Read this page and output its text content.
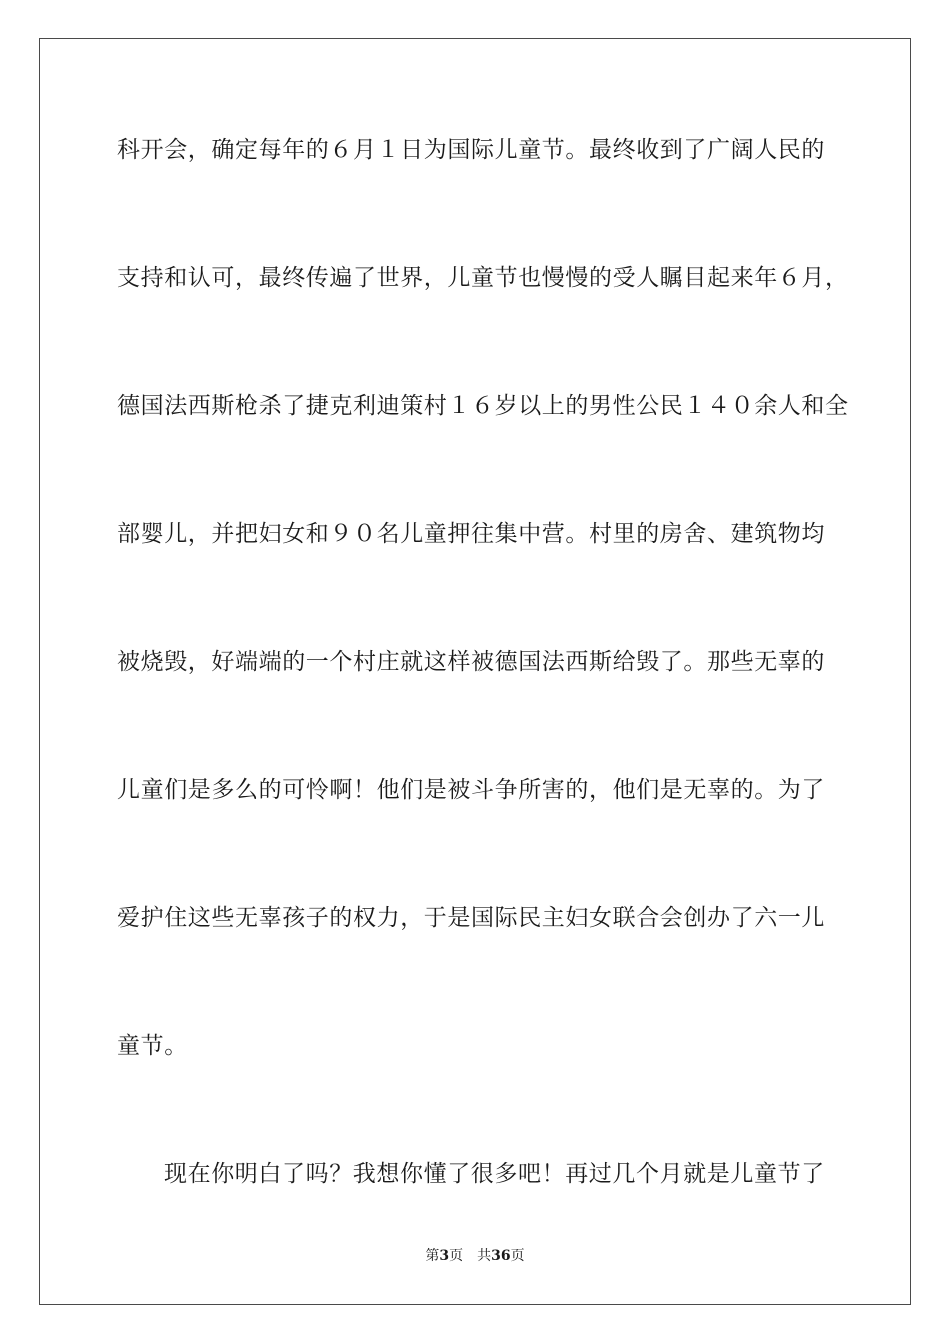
科开会，确定每年的６月１日为国际儿童节。最终收到了广阔人民的
支持和认可，最终传遍了世界，儿童节也慢慢的受人瞩目起来年６月，
德国法西斯枪杀了捷克利迪策村１６岁以上的男性公民１４０余人和全
部婴儿，并把妇女和９０名儿童押往集中营。村里的房舍、建筑物均
被烧毁，好端端的一个村庄就这样被德国法西斯给毁了。那些无辜的
儿童们是多么的可怜啊！他们是被斗争所害的，他们是无辜的。为了
爱护住这些无辜孩子的权力，于是国际民主妇女联合会创办了六一儿
童节。
现在你明白了吗？我想你懂了很多吧！再过几个月就是儿童节了
第3页 共36页
